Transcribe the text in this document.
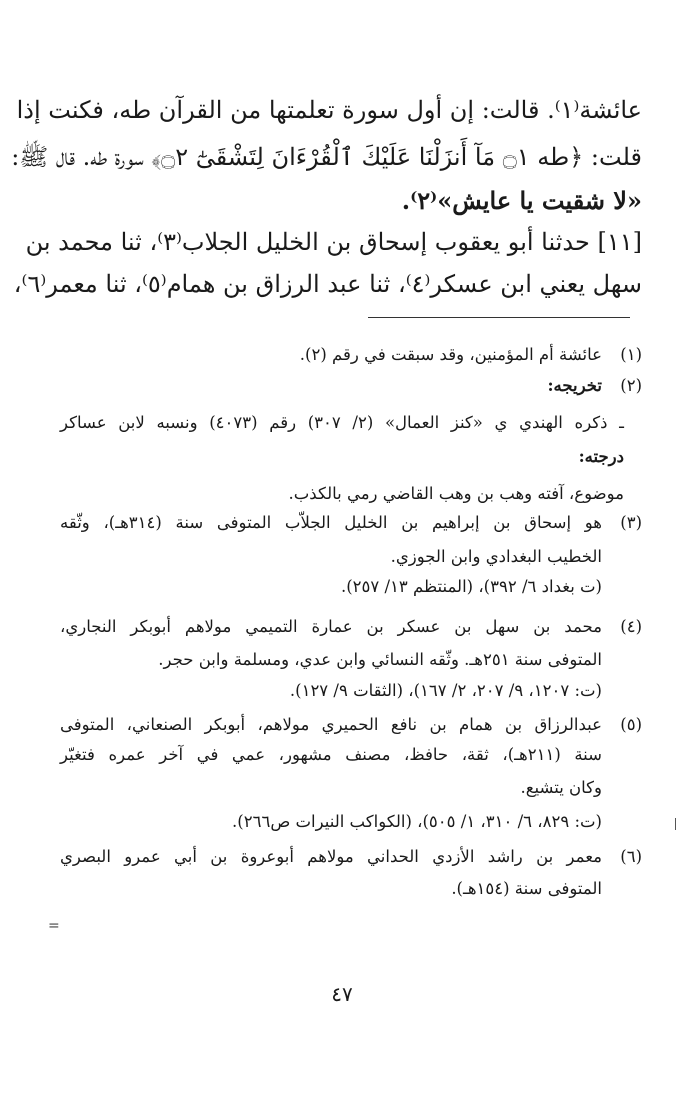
عائشة⁽١⁾. قالت: إن أول سورة تعلمتها من القرآن طه، فكنت إذا
قلت: ﴿طه ۝١ مَآ أَنزَلْنَا عَلَيْكَ ٱلْقُرْءَانَ لِتَشْقَىٰٓ ۝٢﴾ سورة طه. قال ﷺ:
«لا شقيت يا عايش»⁽٢⁾.
[١١] حدثنا أبو يعقوب إسحاق بن الخليل الجلاب⁽٣⁾، ثنا محمد بن
سهل يعني ابن عسكر⁽٤⁾، ثنا عبد الرزاق بن همام⁽٥⁾، ثنا معمر⁽٦⁾،
(١)
عائشة أم المؤمنين، وقد سبقت في رقم (٢).
(٢)
تخريجه:
ـ ذكره الهندي ي «كنز العمال» (٢/ ٣٠٧) رقم (٤٠٧٣) ونسبه لابن عساكر
درجته:
موضوع، آفته وهب بن وهب القاضي رمي بالكذب.
(٣)
هو إسحاق بن إبراهيم بن الخليل الجلاّب المتوفى سنة (٣١٤هـ)، وثّقه
الخطيب البغدادي وابن الجوزي.
(ت بغداد ٦/ ٣٩٢)، (المنتظم ١٣/ ٢٥٧).
(٤)
محمد بن سهل بن عسكر بن عمارة التميمي مولاهم أبوبكر النجاري،
المتوفى سنة ٢٥١هـ. وثّقه النسائي وابن عدي، ومسلمة وابن حجر.
(ت: ١٢٠٧، ٩/ ٢٠٧، ٢/ ١٦٧)، (الثقات ٩/ ١٢٧).
(٥)
عبدالرزاق بن همام بن نافع الحميري مولاهم، أبوبكر الصنعاني، المتوفى
سنة (٢١١هـ)، ثقة، حافظ، مصنف مشهور، عمي في آخر عمره فتغيّر
وكان يتشيع.
(ت: ٨٢٩، ٦/ ٣١٠، ١/ ٥٠٥)، (الكواكب النيرات ص٢٦٦).
(٦)
معمر بن راشد الأزدي الحداني مولاهم أبوعروة بن أبي عمرو البصري
المتوفى سنة (١٥٤هـ).
=
٤٧
